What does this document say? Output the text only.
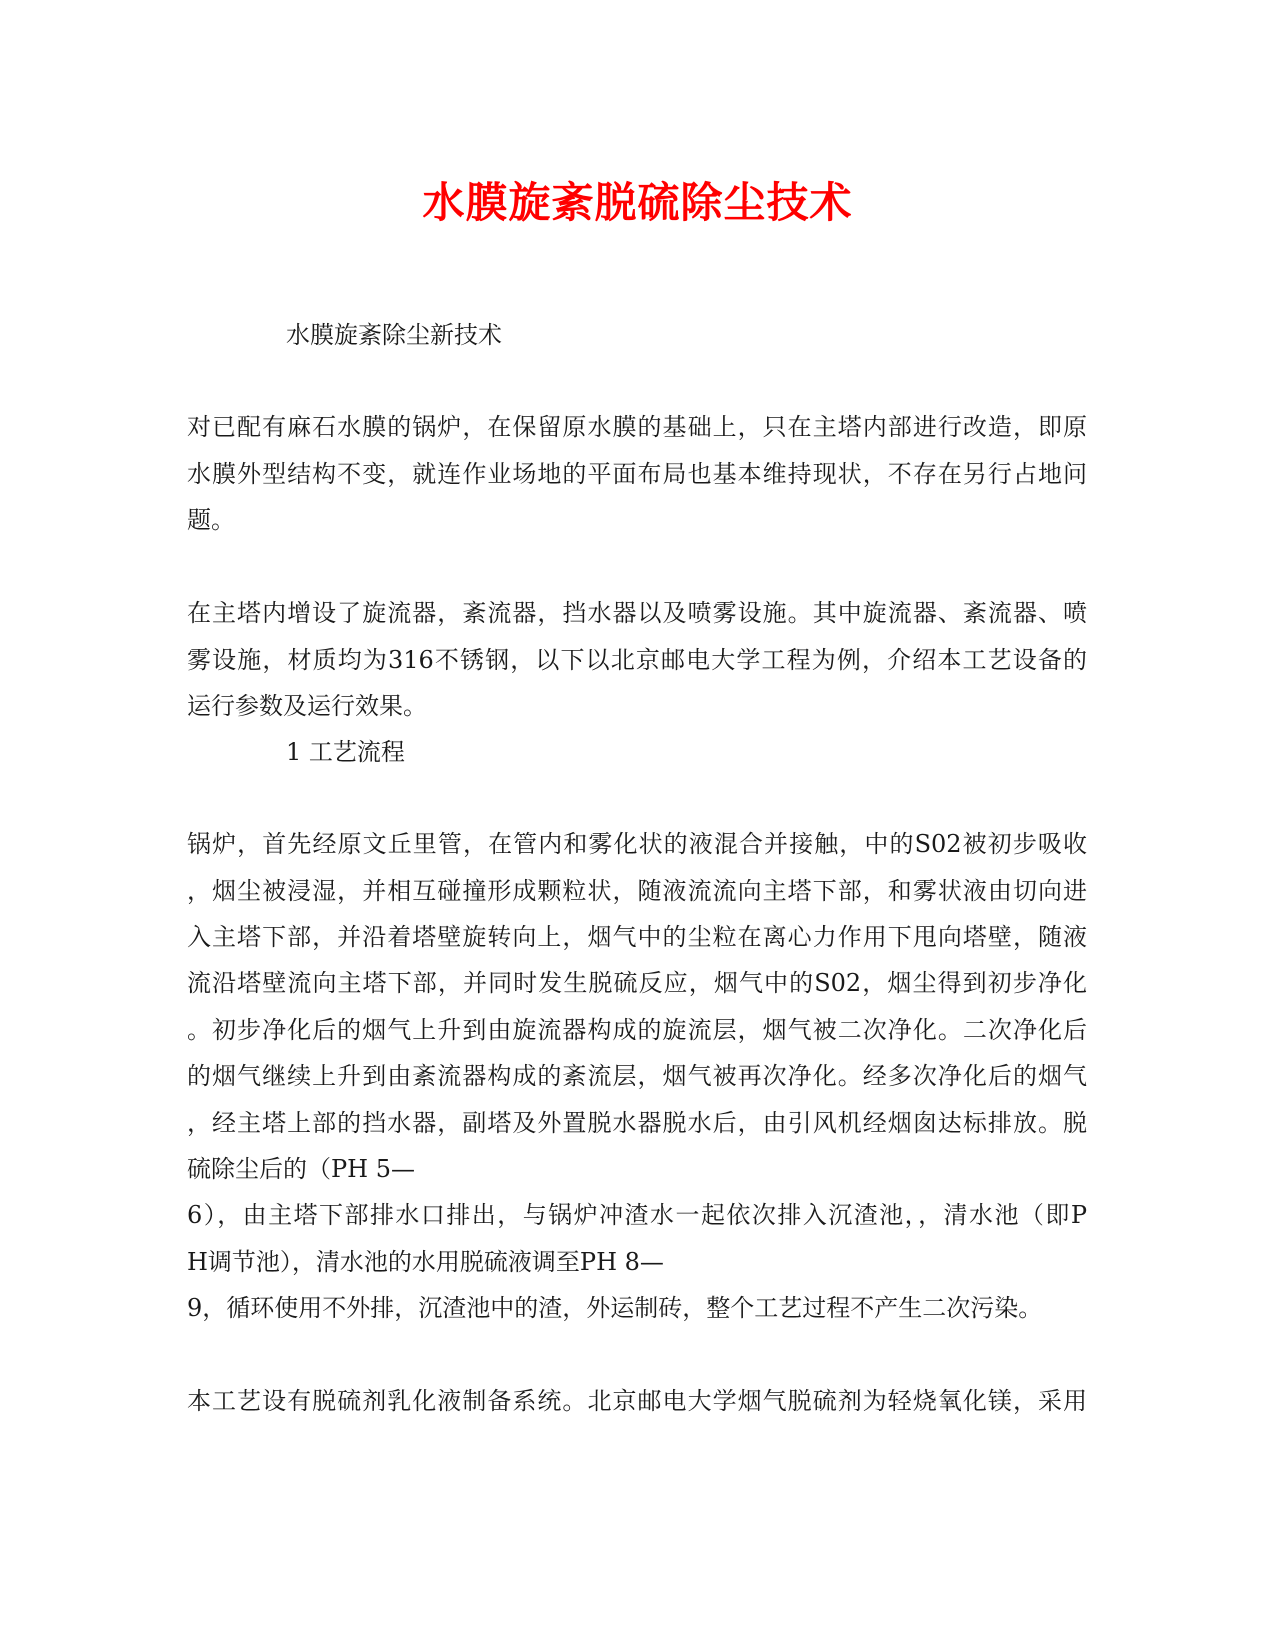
水膜旋紊脱硫除尘技术

水膜旋紊除尘新技术

对已配有麻石水膜的锅炉，在保留原水膜的基础上，只在主塔内部进行改造，即原

水膜外型结构不变，就连作业场地的平面布局也基本维持现状，不存在另行占地问

题。

在主塔内增设了旋流器，紊流器，挡水器以及喷雾设施。其中旋流器、紊流器、喷

雾设施，材质均为316不锈钢，以下以北京邮电大学工程为例，介绍本工艺设备的

运行参数及运行效果。

1 工艺流程

锅炉，首先经原文丘里管，在管内和雾化状的液混合并接触，中的S02被初步吸收

，烟尘被浸湿，并相互碰撞形成颗粒状，随液流流向主塔下部，和雾状液由切向进

入主塔下部，并沿着塔壁旋转向上，烟气中的尘粒在离心力作用下甩向塔壁，随液

流沿塔壁流向主塔下部，并同时发生脱硫反应，烟气中的S02，烟尘得到初步净化

。初步净化后的烟气上升到由旋流器构成的旋流层，烟气被二次净化。二次净化后

的烟气继续上升到由紊流器构成的紊流层，烟气被再次净化。经多次净化后的烟气

，经主塔上部的挡水器，副塔及外置脱水器脱水后，由引风机经烟囱达标排放。脱

硫除尘后的（PH 5—

6），由主塔下部排水口排出，与锅炉冲渣水一起依次排入沉渣池，，清水池（即P

H调节池），清水池的水用脱硫液调至PH 8—

9，循环使用不外排，沉渣池中的渣，外运制砖，整个工艺过程不产生二次污染。

本工艺设有脱硫剂乳化液制备系统。北京邮电大学烟气脱硫剂为轻烧氧化镁，采用
